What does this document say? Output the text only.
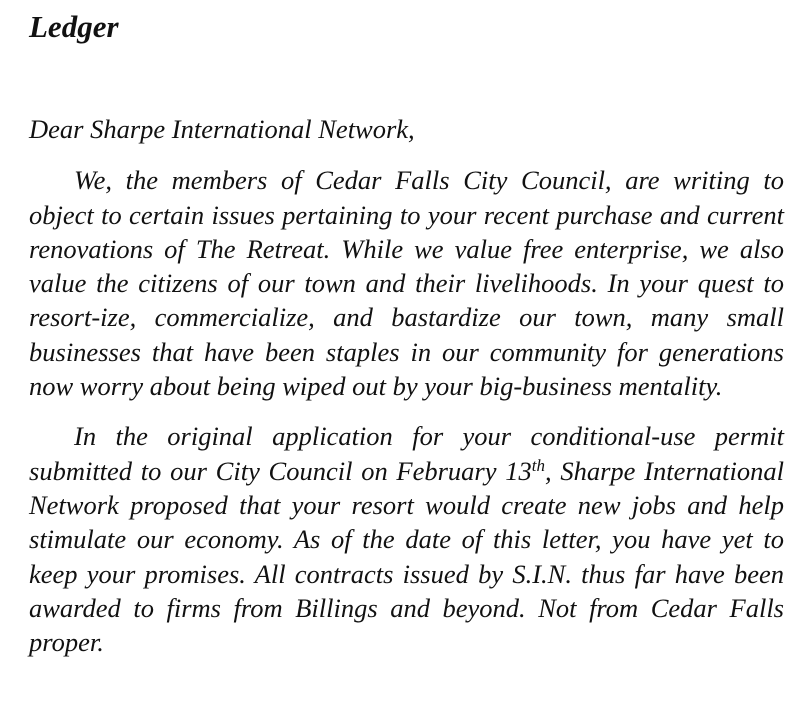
Ledger

Dear Sharpe International Network,

We, the members of Cedar Falls City Council, are writing to object to certain issues pertaining to your recent purchase and current renovations of The Retreat. While we value free enterprise, we also value the citizens of our town and their livelihoods. In your quest to resort-ize, commercialize, and bastardize our town, many small businesses that have been staples in our community for generations now worry about being wiped out by your big-business mentality.

In the original application for your conditional-use permit submitted to our City Council on February 13th, Sharpe International Network proposed that your resort would create new jobs and help stimulate our economy. As of the date of this letter, you have yet to keep your promises. All contracts issued by S.I.N. thus far have been awarded to firms from Billings and beyond. Not from Cedar Falls proper.
